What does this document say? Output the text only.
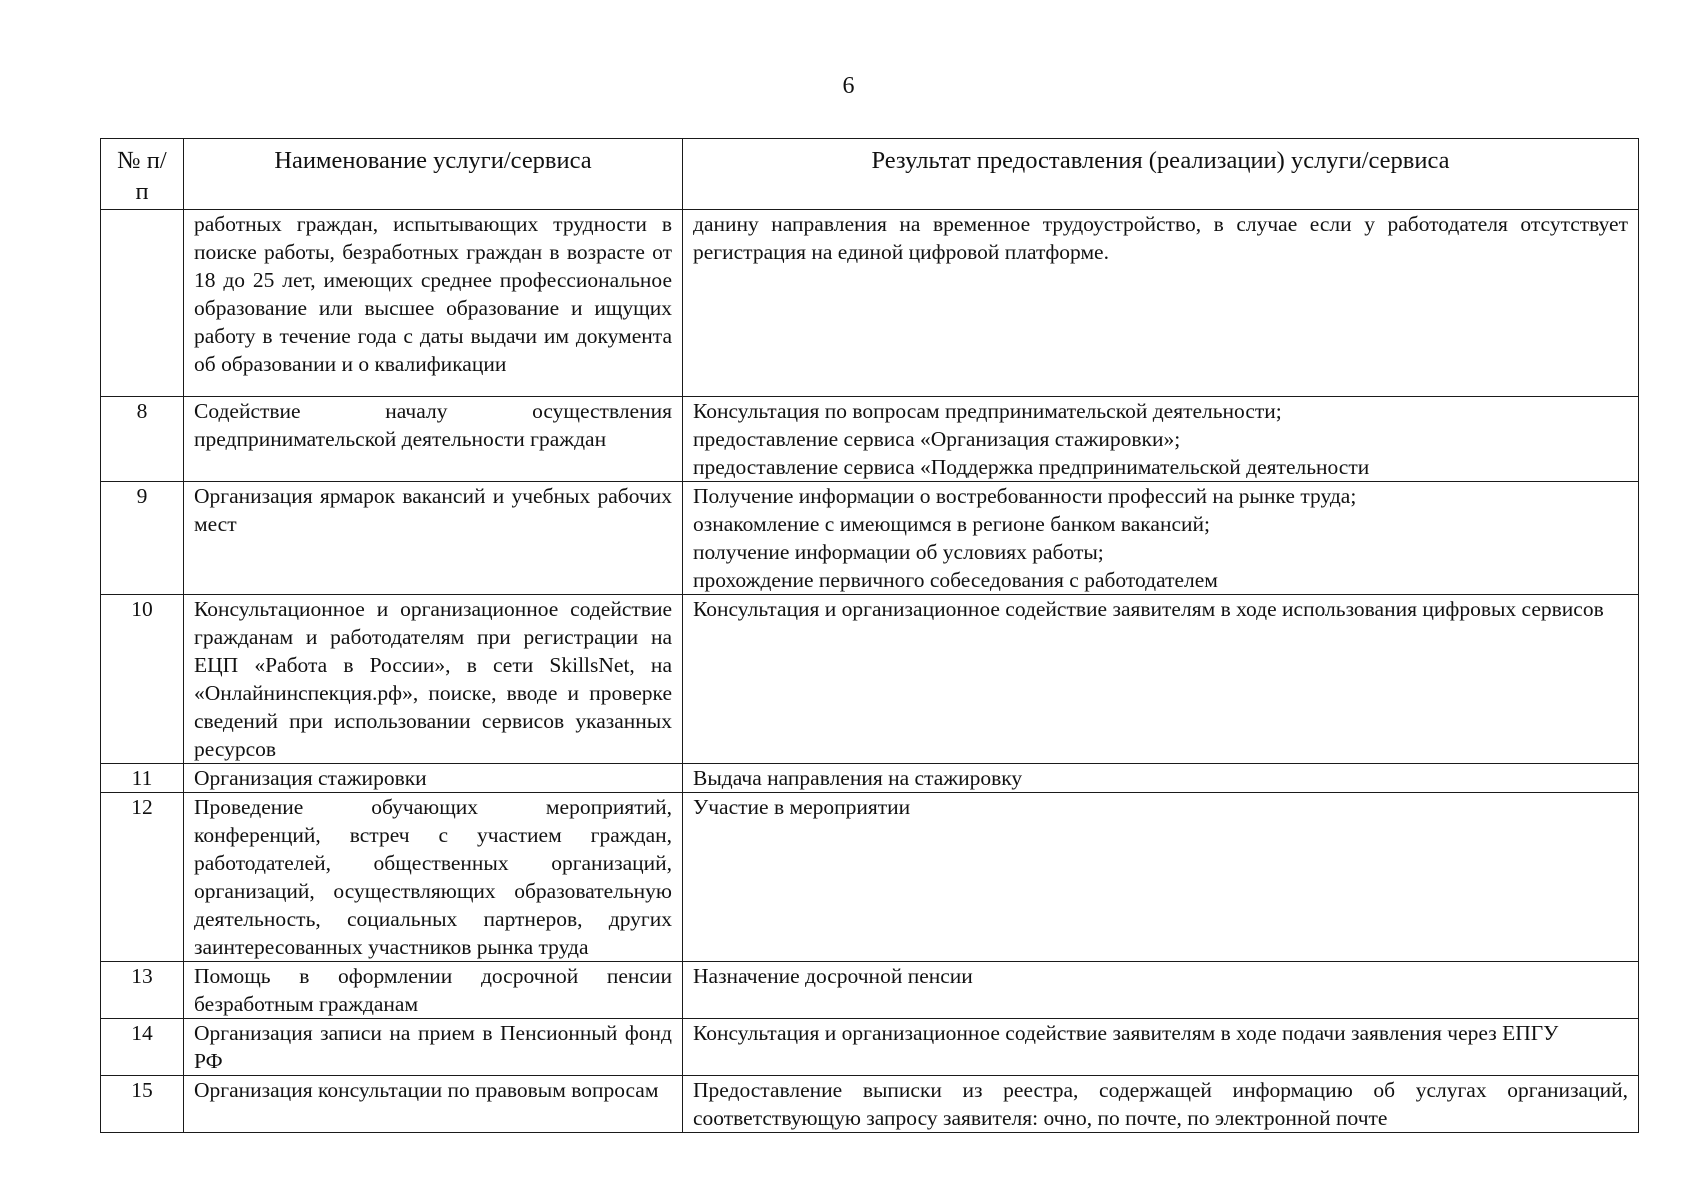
6
№ п/п	Наименование услуги/сервиса	Результат предоставления (реализации) услуги/сервиса
	работных граждан, испытывающих трудности в поиске работы, безработных граждан в возрасте от 18 до 25 лет, имеющих среднее профессиональное образование или высшее образование и ищущих работу в течение года с даты выдачи им документа об образовании и о квалификации	данину направления на временное трудоустройство, в случае если у работодателя отсутствует регистрация на единой цифровой платформе.

8	Содействие началу осуществления предпринимательской деятельности граждан	Консультация по вопросам предпринимательской деятельности;
предоставление сервиса «Организация стажировки»;
предоставление сервиса «Поддержка предпринимательской деятельности

9	Организация ярмарок вакансий и учебных рабочих мест	Получение информации о востребованности профессий на рынке труда;
ознакомление с имеющимся в регионе банком вакансий;
получение информации об условиях работы;
прохождение первичного собеседования с работодателем

10	Консультационное и организационное содействие гражданам и работодателям при регистрации на ЕЦП «Работа в России», в сети SkillsNet, на «Онлайнинспекция.рф», поиске, вводе и проверке сведений при использовании сервисов указанных ресурсов	Консультация и организационное содействие заявителям в ходе использования цифровых сервисов

11	Организация стажировки	Выдача направления на стажировку

12	Проведение обучающих мероприятий, конференций, встреч с участием граждан, работодателей, общественных организаций, организаций, осуществляющих образовательную деятельность, социальных партнеров, других заинтересованных участников рынка труда	Участие в мероприятии

13	Помощь в оформлении досрочной пенсии безработным гражданам	Назначение досрочной пенсии

14	Организация записи на прием в Пенсионный фонд РФ	Консультация и организационное содействие заявителям в ходе подачи заявления через ЕПГУ

15	Организация консультации по правовым вопросам	Предоставление выписки из реестра, содержащей информацию об услугах организаций, соответствующую запросу заявителя: очно, по почте, по электронной почте
